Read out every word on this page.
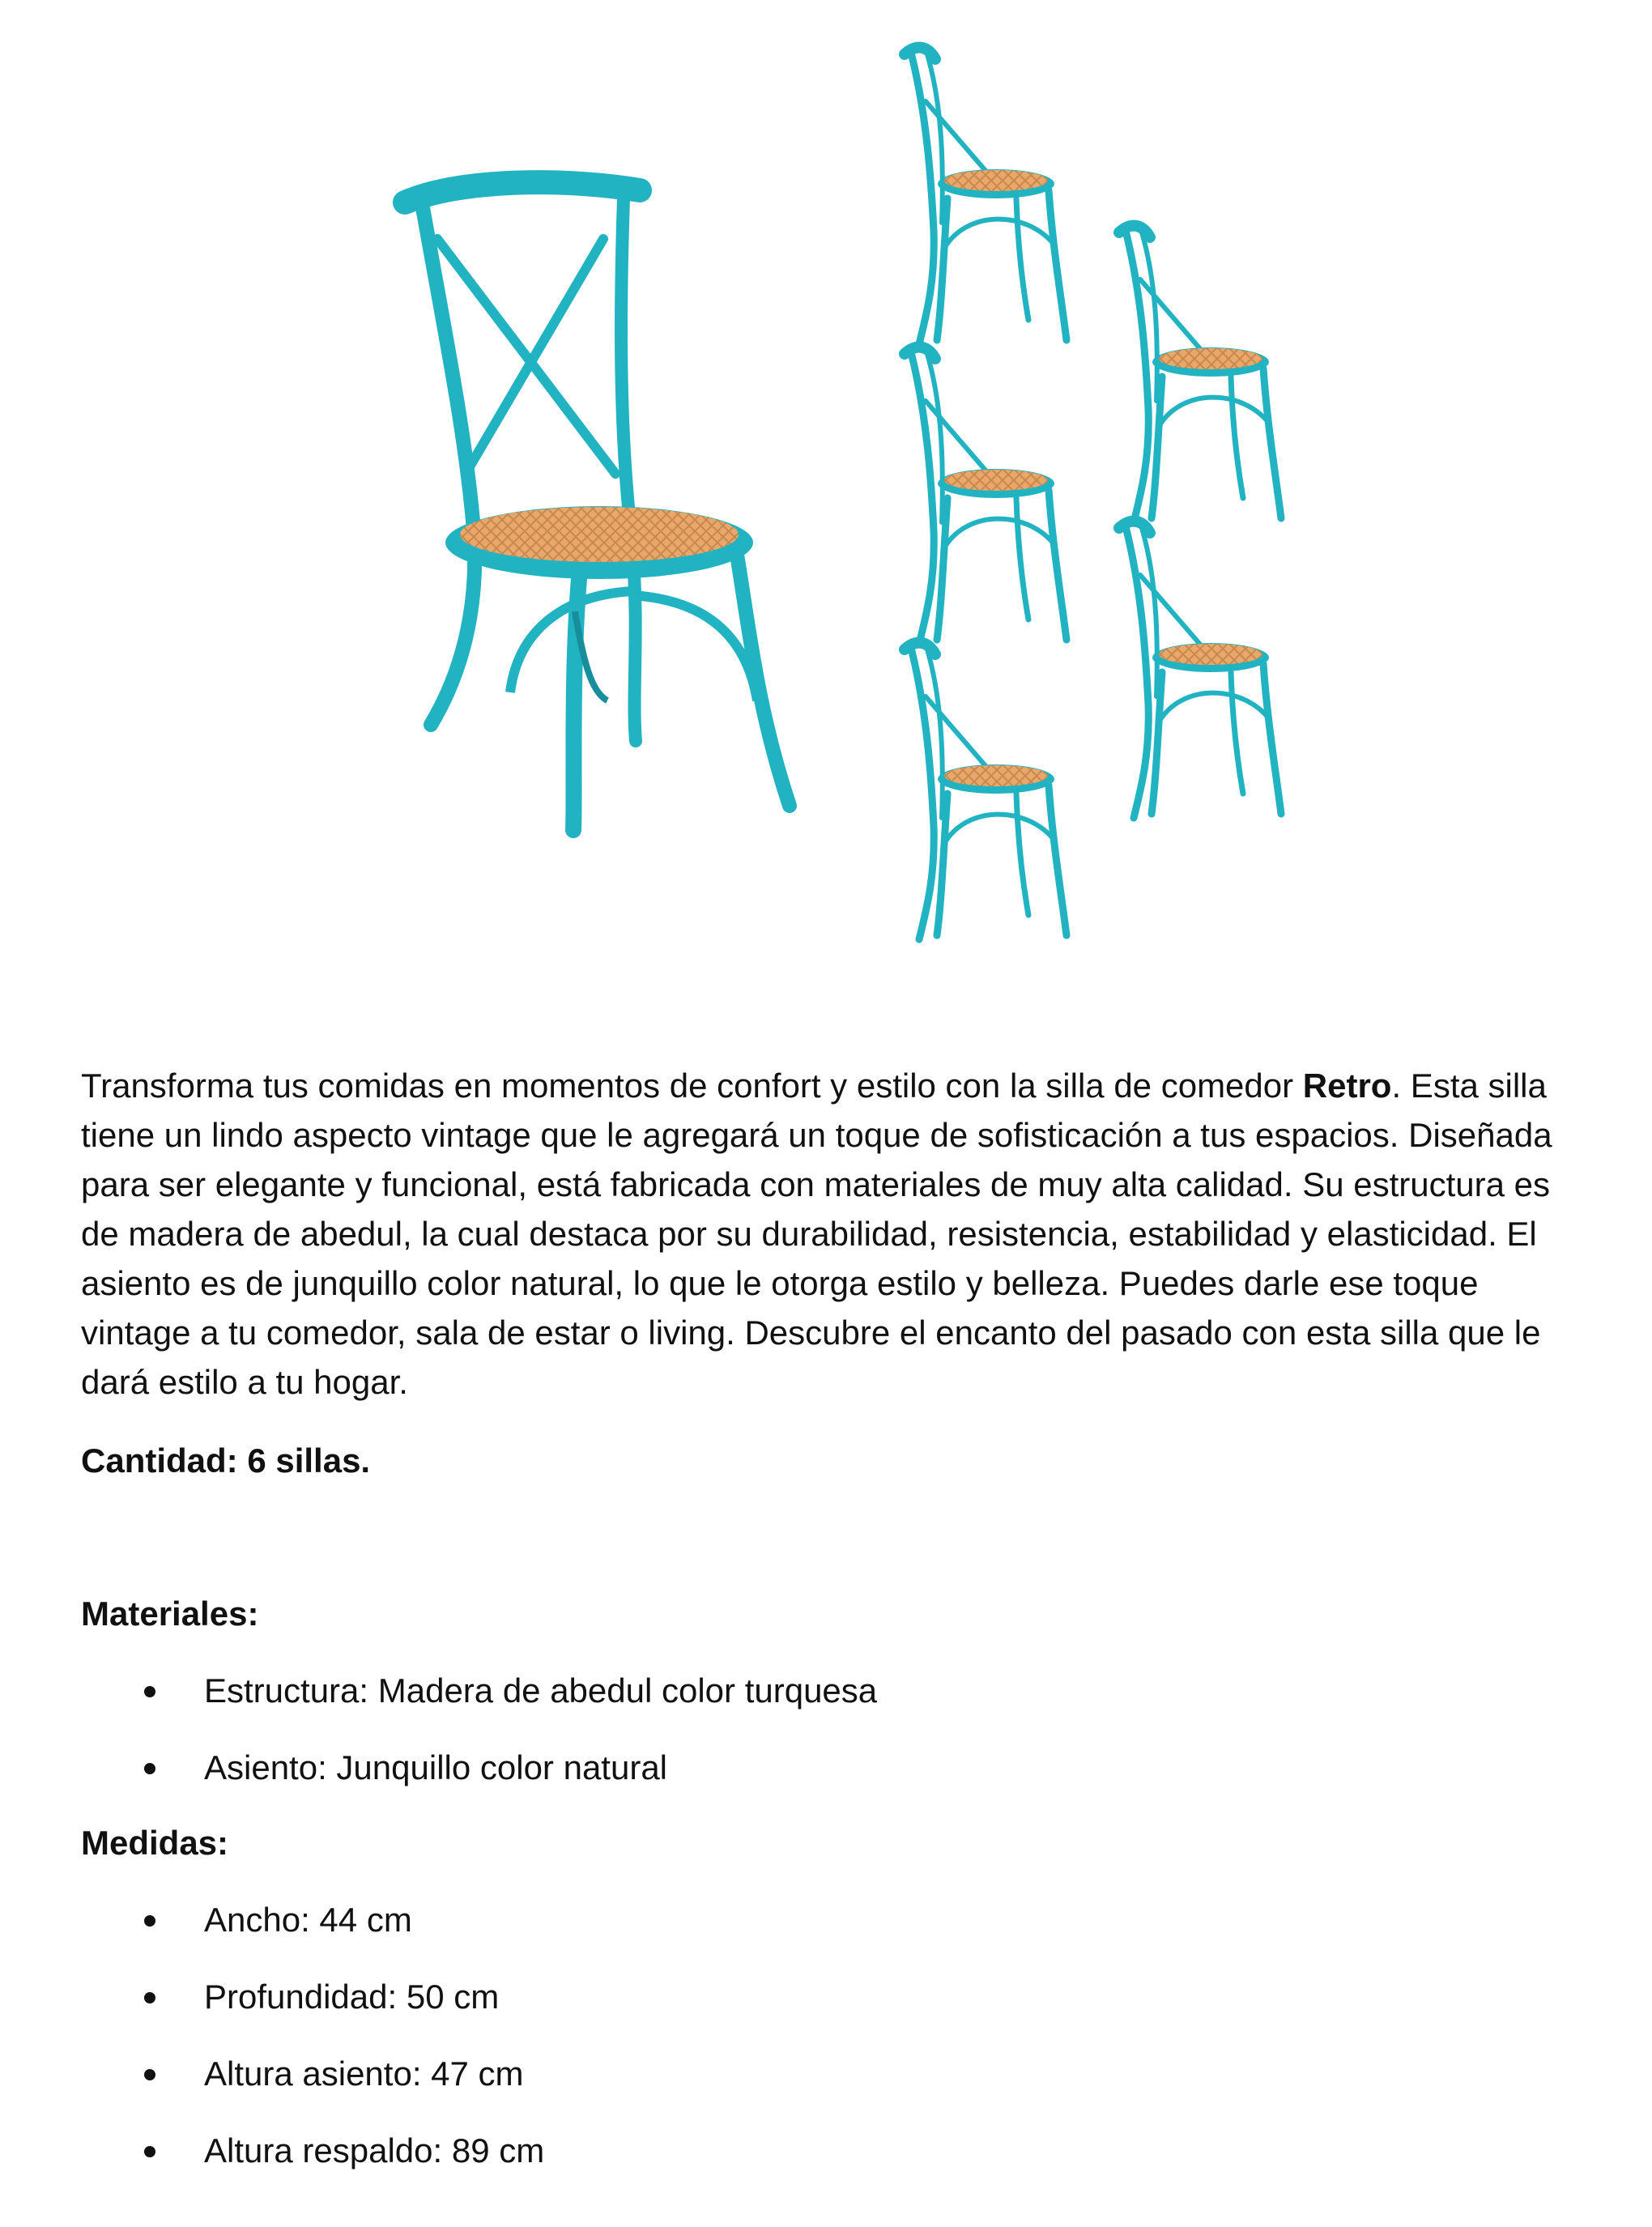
Transforma tus comidas en momentos de confort y estilo con la silla de comedor Retro. Esta silla tiene un lindo aspecto vintage que le agregará un toque de sofisticación a tus espacios. Diseñada para ser elegante y funcional, está fabricada con materiales de muy alta calidad. Su estructura es de madera de abedul, la cual destaca por su durabilidad, resistencia, estabilidad y elasticidad. El asiento es de junquillo color natural, lo que le otorga estilo y belleza. Puedes darle ese toque vintage a tu comedor, sala de estar o living. Descubre el encanto del pasado con esta silla que le dará estilo a tu hogar.

Cantidad: 6 sillas.

Materiales:

Estructura: Madera de abedul color turquesa
Asiento: Junquillo color natural

Medidas:

Ancho: 44 cm
Profundidad: 50 cm
Altura asiento: 47 cm
Altura respaldo: 89 cm
